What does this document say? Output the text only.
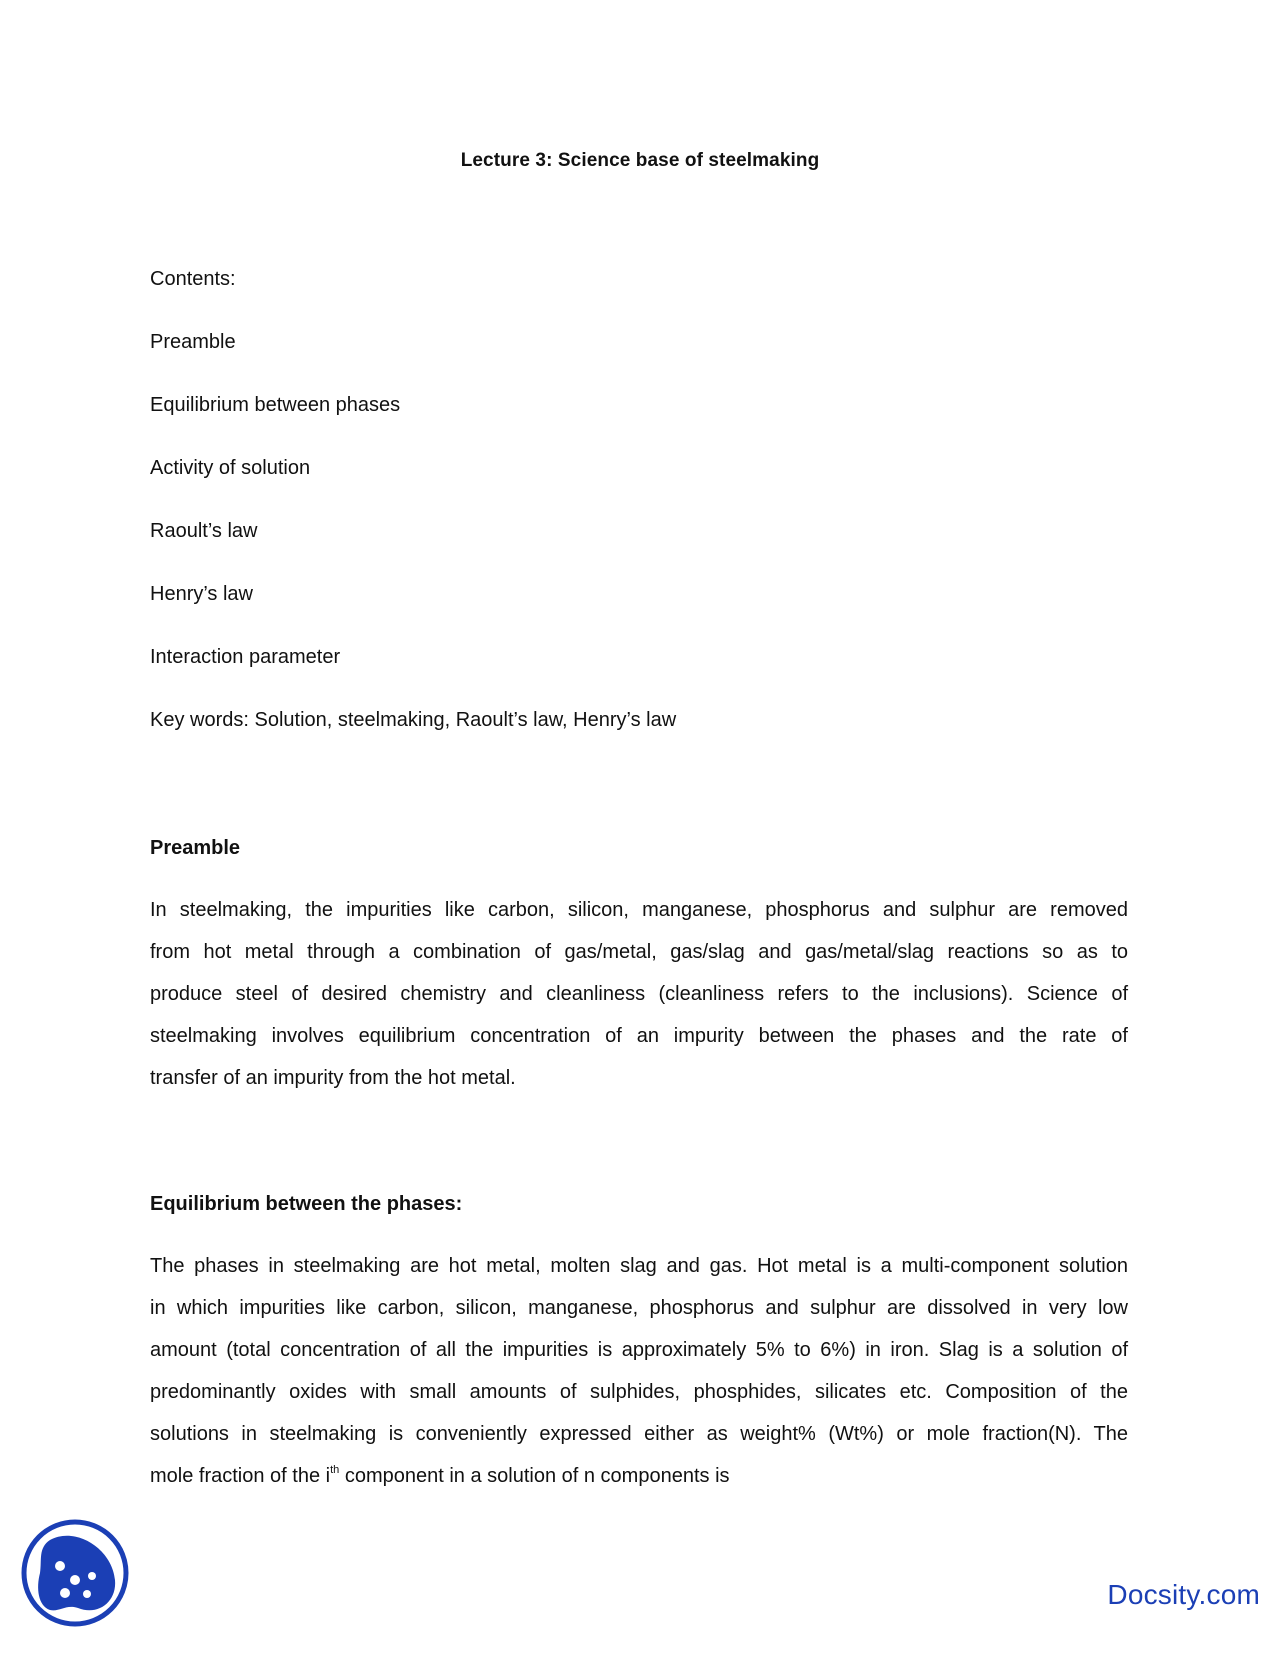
Lecture 3: Science base of steelmaking
Contents:
Preamble
Equilibrium between phases
Activity of solution
Raoult’s law
Henry’s law
Interaction parameter
Key words: Solution, steelmaking, Raoult’s law, Henry’s law
Preamble
In steelmaking, the impurities like carbon, silicon, manganese, phosphorus and sulphur are removed
from hot metal through a combination of gas/metal, gas/slag and gas/metal/slag reactions so as to
produce steel of desired chemistry and cleanliness (cleanliness refers to the inclusions). Science of
steelmaking involves equilibrium concentration of an impurity between the phases and the rate of
transfer of an impurity from the hot metal.
Equilibrium between the phases:
The phases in steelmaking are hot metal, molten slag and gas. Hot metal is a multi-component solution
in which impurities like carbon, silicon, manganese, phosphorus and sulphur are dissolved in very low
amount (total concentration of all the impurities is approximately 5% to 6%) in iron. Slag is a solution of
predominantly oxides with small amounts of sulphides, phosphides, silicates etc. Composition of the
solutions in steelmaking is conveniently expressed either as weight% (Wt%) or mole fraction(N). The
mole fraction of the $i^{th}$ component in a solution of n components is
Docsity.com
